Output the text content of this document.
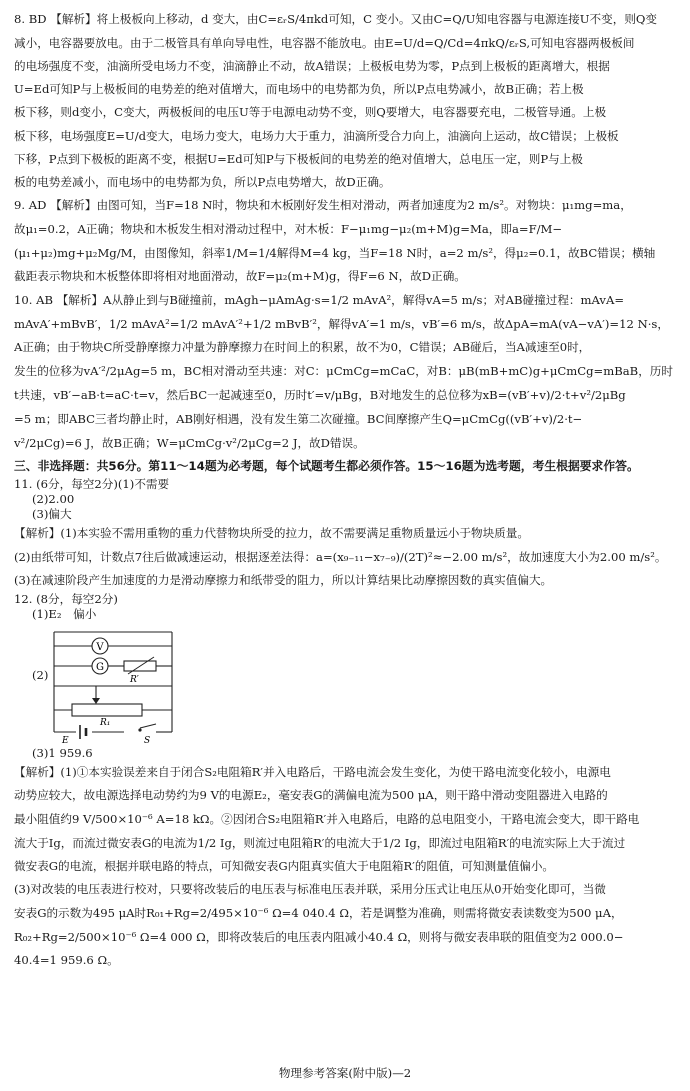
8. BD 【解析】将上极板向上移动，d 变大，由C=εᵣS/4πkd可知，C 变小。又由C=Q/U知电容器与电源连接U不变，则Q变

减小，电容器要放电。由于二极管具有单向导电性，电容器不能放电。由E=U/d=Q/Cd=4πkQ/εᵣS,可知电容器两极板间

的电场强度不变，油滴所受电场力不变，油滴静止不动，故A错误；上极板电势为零，P点到上极板的距离增大，根据

U=Ed可知P与上极板间的电势差的绝对值增大，而电场中的电势都为负，所以P点电势减小，故B正确；若上极

板下移，则d变小，C变大，两极板间的电压U等于电源电动势不变，则Q要增大，电容器要充电，二极管导通。上极

板下移，电场强度E=U/d变大，电场力变大，电场力大于重力，油滴所受合力向上，油滴向上运动，故C错误；上极板

下移，P点到下极板的距离不变，根据U=Ed可知P与下极板间的电势差的绝对值增大，总电压一定，则P与上极

板的电势差减小，而电场中的电势都为负，所以P点电势增大，故D正确。

9. AD 【解析】由图可知，当F=18 N时，物块和木板刚好发生相对滑动，两者加速度为2 m/s²。对物块：μ₁mg=ma，

故μ₁=0.2，A正确；物块和木板发生相对滑动过程中，对木板：F−μ₁mg−μ₂(m+M)g=Ma，即a=F/M−

(μ₁+μ₂)mg+μ₂Mg/M，由图像知，斜率1/M=1/4解得M=4 kg，当F=18 N时，a=2 m/s²，得μ₂=0.1，故BC错误；横轴

截距表示物块和木板整体即将相对地面滑动，故F=μ₂(m+M)g，得F=6 N，故D正确。

10. AB 【解析】A从静止到与B碰撞前，mAgh−μAmAg·s=1/2 mAvA²，解得vA=5 m/s；对AB碰撞过程：mAvA=

mAvA′+mBvB′，1/2 mAvA²=1/2 mAvA′²+1/2 mBvB′²，解得vA′=1 m/s，vB′=6 m/s，故ΔpA=mA(vA−vA′)=12 N·s，

A正确；由于物块C所受静摩擦力冲量为静摩擦力在时间上的积累，故不为0，C错误；AB碰后，当A减速至0时，

发生的位移为vA′²/2μAg=5 m，BC相对滑动至共速：对C：μCmCg=mCaC，对B：μB(mB+mC)g+μCmCg=mBaB，历时

t共速，vB′−aB·t=aC·t=v，然后BC一起减速至0，历时t′=v/μBg，B对地发生的总位移为xB=(vB′+v)/2·t+v²/2μBg

=5 m；即ABC三者均静止时，AB刚好相遇，没有发生第二次碰撞。BC间摩擦产生Q=μCmCg((vB′+v)/2·t−

v²/2μCg)=6 J，故B正确；W=μCmCg·v²/2μCg=2 J，故D错误。

三、非选择题：共56分。第11～14题为必考题，每个试题考生都必须作答。15～16题为选考题，考生根据要求作答。

11. (6分，每空2分)(1)不需要

(2)2.00

(3)偏大

【解析】(1)本实验不需用重物的重力代替物块所受的拉力，故不需要满足重物质量远小于物块质量。

(2)由纸带可知，计数点7往后做减速运动，根据逐差法得：a=(x₉₋₁₁−x₇₋₉)/(2T)²≈−2.00 m/s²，故加速度大小为2.00 m/s²。

(3)在减速阶段产生加速度的力是滑动摩擦力和纸带受的阻力，所以计算结果比动摩擦因数的真实值偏大。

12. (8分，每空2分)

(1)E₂　偏小

(2)
V
G
R′
R₁
E	S

(3)1 959.6

【解析】(1)①本实验误差来自于闭合S₂电阻箱R′并入电路后，干路电流会发生变化，为使干路电流变化较小，电源电

动势应较大，故电源选择电动势约为9 V的电源E₂，毫安表G的满偏电流为500 μA，则干路中滑动变阻器进入电路的

最小阻值约9 V/500×10⁻⁶ A=18 kΩ。②因闭合S₂电阻箱R′并入电路后，电路的总电阻变小，干路电流会变大，即干路电

流大于Ig，而流过微安表G的电流为1/2 Ig，则流过电阻箱R′的电流大于1/2 Ig，即流过电阻箱R′的电流实际上大于流过

微安表G的电流，根据并联电路的特点，可知微安表G内阻真实值大于电阻箱R′的阻值，可知测量值偏小。

(3)对改装的电压表进行校对，只要将改装后的电压表与标准电压表并联，采用分压式让电压从0开始变化即可，当微

安表G的示数为495 μA时R₀₁+Rg=2/495×10⁻⁶ Ω=4 040.4 Ω，若是调整为准确，则需将微安表读数变为500 μA，

R₀₂+Rg=2/500×10⁻⁶ Ω=4 000 Ω，即将改装后的电压表内阻减小40.4 Ω，则将与微安表串联的阻值变为2 000.0−

40.4=1 959.6 Ω。

物理参考答案(附中版)—2
